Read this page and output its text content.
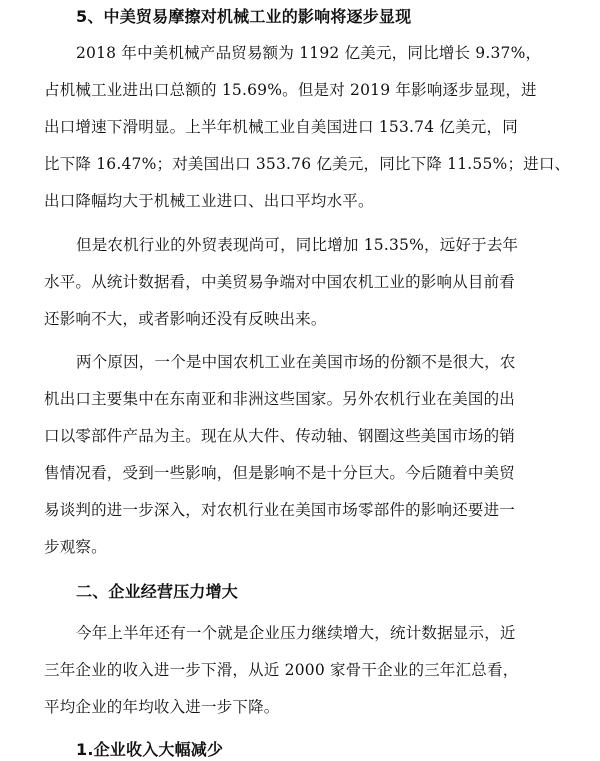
5、中美贸易摩擦对机械工业的影响将逐步显现
2018 年中美机械产品贸易额为 1192 亿美元，同比增长 9.37%，
占机械工业进出口总额的 15.69%。但是对 2019 年影响逐步显现，进
出口增速下滑明显。上半年机械工业自美国进口 153.74 亿美元，同
比下降 16.47%；对美国出口 353.76 亿美元，同比下降 11.55%；进口、
出口降幅均大于机械工业进口、出口平均水平。
但是农机行业的外贸表现尚可，同比增加 15.35%，远好于去年
水平。从统计数据看，中美贸易争端对中国农机工业的影响从目前看
还影响不大，或者影响还没有反映出来。
两个原因，一个是中国农机工业在美国市场的份额不是很大，农
机出口主要集中在东南亚和非洲这些国家。另外农机行业在美国的出
口以零部件产品为主。现在从大件、传动轴、钢圈这些美国市场的销
售情况看，受到一些影响，但是影响不是十分巨大。今后随着中美贸
易谈判的进一步深入，对农机行业在美国市场零部件的影响还要进一
步观察。
二、企业经营压力增大
今年上半年还有一个就是企业压力继续增大，统计数据显示，近
三年企业的收入进一步下滑，从近 2000 家骨干企业的三年汇总看，
平均企业的年均收入进一步下降。
1.企业收入大幅减少
